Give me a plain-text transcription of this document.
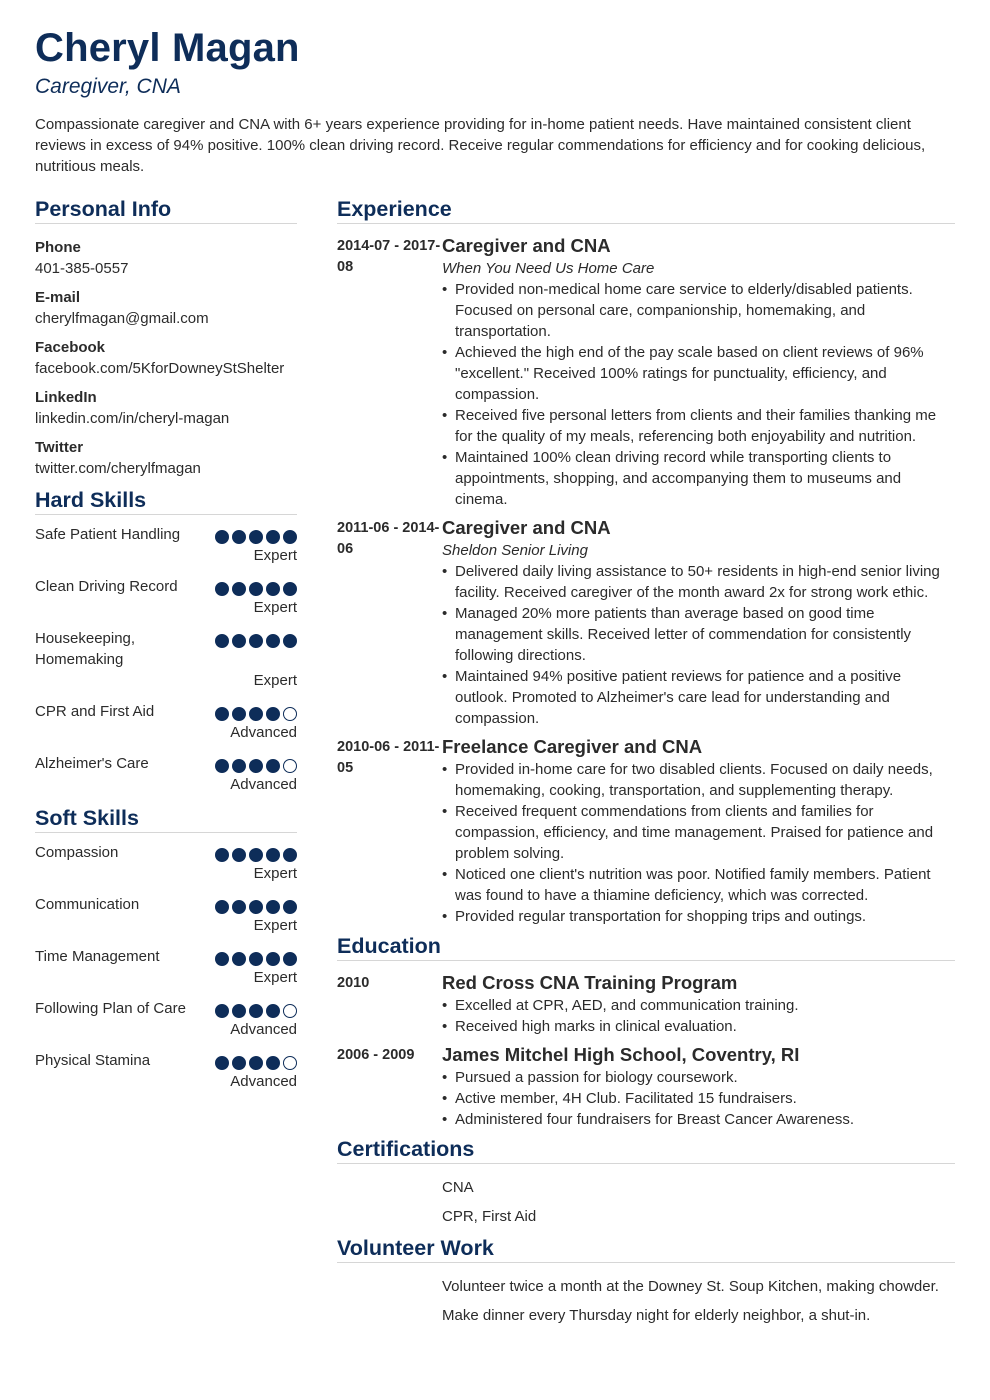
Cheryl Magan
Caregiver, CNA
Compassionate caregiver and CNA with 6+ years experience providing for in-home patient needs. Have maintained consistent client reviews in excess of 94% positive. 100% clean driving record. Receive regular commendations for efficiency and for cooking delicious, nutritious meals.
Personal Info
Phone
401-385-0557
E-mail
cherylfmagan@gmail.com
Facebook
facebook.com/5KforDowneyStShelter
LinkedIn
linkedin.com/in/cheryl-magan
Twitter
twitter.com/cherylfmagan
Hard Skills
Safe Patient Handling
Expert
Clean Driving Record
Expert
Housekeeping, Homemaking
Expert
CPR and First Aid
Advanced
Alzheimer's Care
Advanced
Soft Skills
Compassion
Expert
Communication
Expert
Time Management
Expert
Following Plan of Care
Advanced
Physical Stamina
Advanced
Experience
2014-07 - 2017-08
Caregiver and CNA
When You Need Us Home Care
• Provided non-medical home care service to elderly/disabled patients. Focused on personal care, companionship, homemaking, and transportation.
• Achieved the high end of the pay scale based on client reviews of 96% "excellent." Received 100% ratings for punctuality, efficiency, and compassion.
• Received five personal letters from clients and their families thanking me for the quality of my meals, referencing both enjoyability and nutrition.
• Maintained 100% clean driving record while transporting clients to appointments, shopping, and accompanying them to museums and cinema.
2011-06 - 2014-06
Caregiver and CNA
Sheldon Senior Living
• Delivered daily living assistance to 50+ residents in high-end senior living facility. Received caregiver of the month award 2x for strong work ethic.
• Managed 20% more patients than average based on good time management skills. Received letter of commendation for consistently following directions.
• Maintained 94% positive patient reviews for patience and a positive outlook. Promoted to Alzheimer's care lead for understanding and compassion.
2010-06 - 2011-05
Freelance Caregiver and CNA
• Provided in-home care for two disabled clients. Focused on daily needs, homemaking, cooking, transportation, and supplementing therapy.
• Received frequent commendations from clients and families for compassion, efficiency, and time management. Praised for patience and problem solving.
• Noticed one client's nutrition was poor. Notified family members. Patient was found to have a thiamine deficiency, which was corrected.
• Provided regular transportation for shopping trips and outings.
Education
2010	Red Cross CNA Training Program
• Excelled at CPR, AED, and communication training.
• Received high marks in clinical evaluation.
2006 - 2009	James Mitchel High School, Coventry, RI
• Pursued a passion for biology coursework.
• Active member, 4H Club. Facilitated 15 fundraisers.
• Administered four fundraisers for Breast Cancer Awareness.
Certifications
CNA
CPR, First Aid
Volunteer Work
Volunteer twice a month at the Downey St. Soup Kitchen, making chowder.
Make dinner every Thursday night for elderly neighbor, a shut-in.
